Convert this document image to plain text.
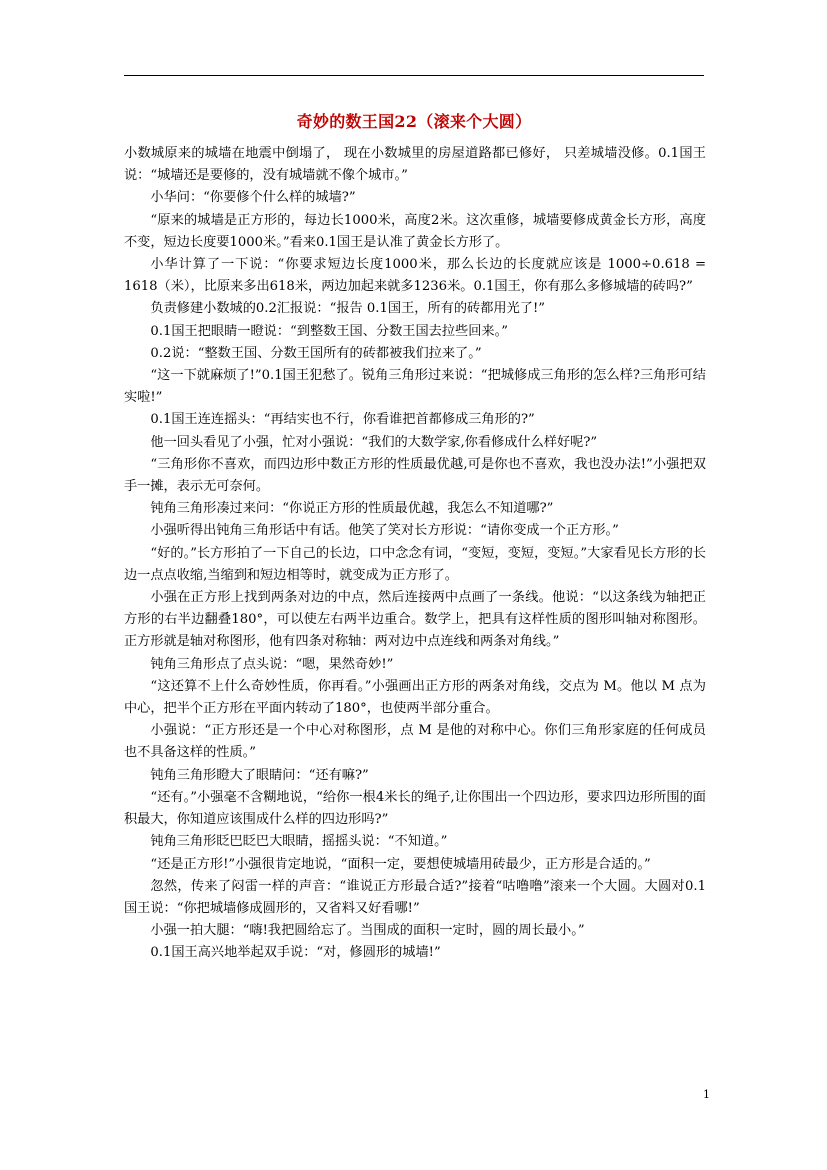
奇妙的数王国22（滚来个大圆）

小数城原来的城墙在地震中倒塌了， 现在小数城里的房屋道路都已修好， 只差城墙没修。0.1国王说：“城墙还是要修的，没有城墙就不像个城市。”

小华问：“你要修个什么样的城墙?”

“原来的城墙是正方形的，每边长1000米，高度2米。这次重修，城墙要修成黄金长方形，高度不变，短边长度要1000米。”看来0.1国王是认准了黄金长方形了。

小华计算了一下说：“你要求短边长度1000米，那么长边的长度就应该是 1000÷0.618 = 1618（米），比原来多出618米，两边加起来就多1236米。0.1国王，你有那么多修城墙的砖吗?”

负责修建小数城的0.2汇报说：“报告 0.1国王，所有的砖都用光了!”

0.1国王把眼睛一瞪说：“到整数王国、分数王国去拉些回来。”

0.2说：“整数王国、分数王国所有的砖都被我们拉来了。”

“这一下就麻烦了!”0.1国王犯愁了。锐角三角形过来说：“把城修成三角形的怎么样?三角形可结实啦!”

0.1国王连连摇头：“再结实也不行，你看谁把首都修成三角形的?”

他一回头看见了小强，忙对小强说：“我们的大数学家,你看修成什么样好呢?”

“三角形你不喜欢，而四边形中数正方形的性质最优越,可是你也不喜欢，我也没办法!”小强把双手一摊，表示无可奈何。

钝角三角形凑过来问：“你说正方形的性质最优越，我怎么不知道哪?”

小强听得出钝角三角形话中有话。他笑了笑对长方形说：“请你变成一个正方形。”

“好的。”长方形拍了一下自己的长边，口中念念有词，“变短，变短，变短。”大家看见长方形的长边一点点收缩,当缩到和短边相等时，就变成为正方形了。

小强在正方形上找到两条对边的中点，然后连接两中点画了一条线。他说：“以这条线为轴把正方形的右半边翻叠180°，可以使左右两半边重合。数学上，把具有这样性质的图形叫轴对称图形。正方形就是轴对称图形，他有四条对称轴：两对边中点连线和两条对角线。”

钝角三角形点了点头说：“嗯，果然奇妙!”

“这还算不上什么奇妙性质，你再看。”小强画出正方形的两条对角线，交点为 M。他以 M 点为中心，把半个正方形在平面内转动了180°，也使两半部分重合。

小强说：“正方形还是一个中心对称图形，点 M 是他的对称中心。你们三角形家庭的任何成员也不具备这样的性质。”

钝角三角形瞪大了眼睛问：“还有嘛?”

“还有。”小强毫不含糊地说，“给你一根4米长的绳子,让你围出一个四边形，要求四边形所围的面积最大，你知道应该围成什么样的四边形吗?”

钝角三角形眨巴眨巴大眼睛，摇摇头说：“不知道。”

“还是正方形!”小强很肯定地说，“面积一定，要想使城墙用砖最少，正方形是合适的。”

忽然，传来了闷雷一样的声音：“谁说正方形最合适?”接着“咕噜噜”滚来一个大圆。大圆对0.1国王说：“你把城墙修成圆形的，又省料又好看哪!”

小强一拍大腿：“嗨!我把圆给忘了。当围成的面积一定时，圆的周长最小。”

0.1国王高兴地举起双手说：“对，修圆形的城墙!”

1
